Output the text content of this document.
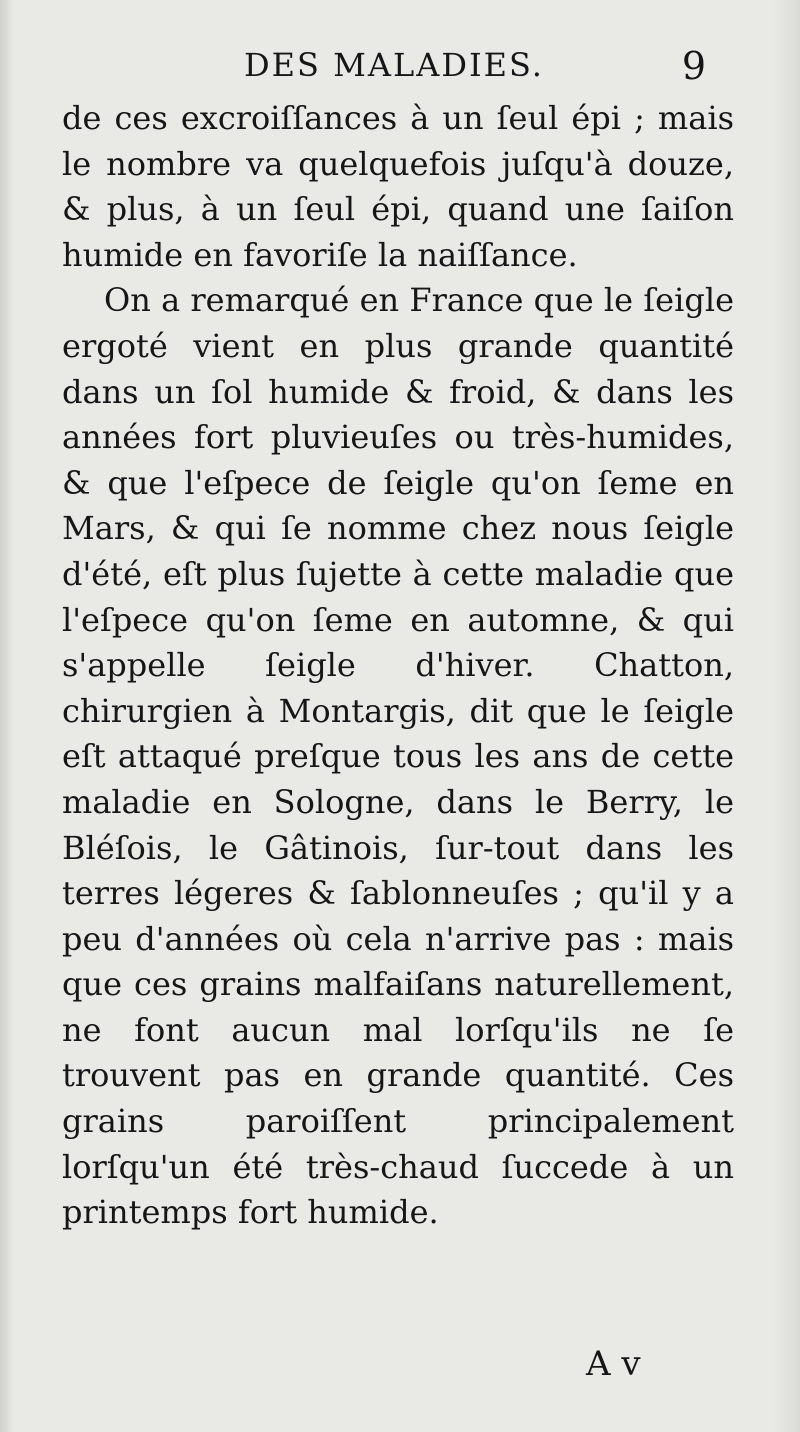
DES MALADIES.	9

de ces excroiſſances à un ſeul épi ; mais le nombre va quelquefois juſqu'à douze, & plus, à un ſeul épi, quand une ſaiſon humide en favoriſe la naiſſance.

On a remarqué en France que le ſeigle ergoté vient en plus grande quantité dans un ſol humide & froid, & dans les années fort pluvieuſes ou très-humides, & que l'eſpece de ſeigle qu'on ſeme en Mars, & qui ſe nomme chez nous ſeigle d'été, eſt plus ſujette à cette maladie que l'eſpece qu'on ſeme en automne, & qui s'appelle ſeigle d'hiver. Chatton, chirurgien à Montargis, dit que le ſeigle eſt attaqué preſque tous les ans de cette maladie en Sologne, dans le Berry, le Bléſois, le Gâtinois, ſur-tout dans les terres légeres & ſablonneuſes ; qu'il y a peu d'années où cela n'arrive pas : mais que ces grains malfaiſans naturellement, ne font aucun mal lorſqu'ils ne ſe trouvent pas en grande quantité. Ces grains paroiſſent principalement lorſqu'un été très-chaud ſuccede à un printemps fort humide.

A v
